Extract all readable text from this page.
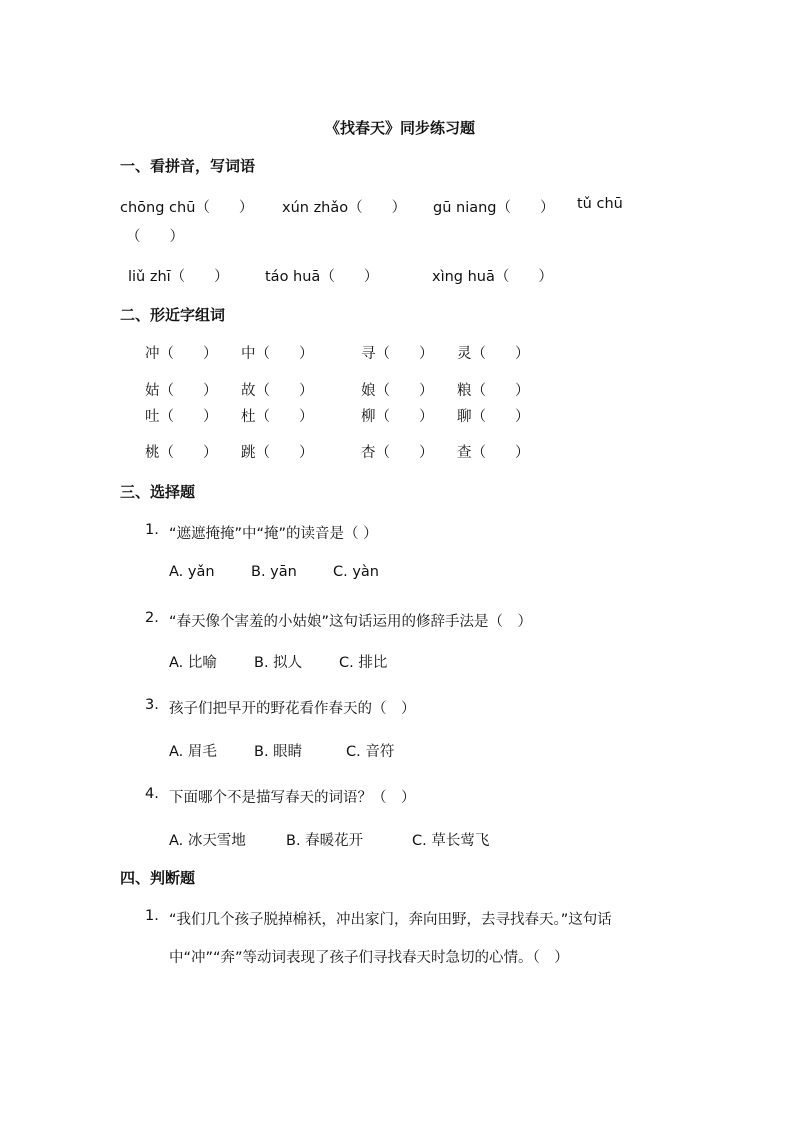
《找春天》同步练习题
一、看拼音，写词语
chōng chū（　　） xún zhǎo（　　） gū niang（　　） tǔ chū
（　　）
liǔ zhī（　　）	táo huā（　　）	xìng huā（　　）
二、形近字组词
冲（　　） 中（　　）	寻（　　） 灵（　　）
姑（　　） 故（　　）	娘（　　） 粮（　　）
吐（　　） 杜（　　）	柳（　　） 聊（　　）
桃（　　） 跳（　　）	杏（　　） 查（　　）
三、选择题
1. “遮遮掩掩”中“掩”的读音是（ ）
A. yǎn	B. yān C. yàn
2. “春天像个害羞的小姑娘”这句话运用的修辞手法是（　）
A. 比喻	B. 拟人	C. 排比
3. 孩子们把早开的野花看作春天的（　）
A. 眉毛	B. 眼睛	C. 音符
4. 下面哪个不是描写春天的词语？（　）
A. 冰天雪地	B. 春暖花开	C. 草长莺飞
四、判断题
1. “我们几个孩子脱掉棉袄，冲出家门，奔向田野，去寻找春天。”这句话
中“冲”“奔”等动词表现了孩子们寻找春天时急切的心情。（　）
